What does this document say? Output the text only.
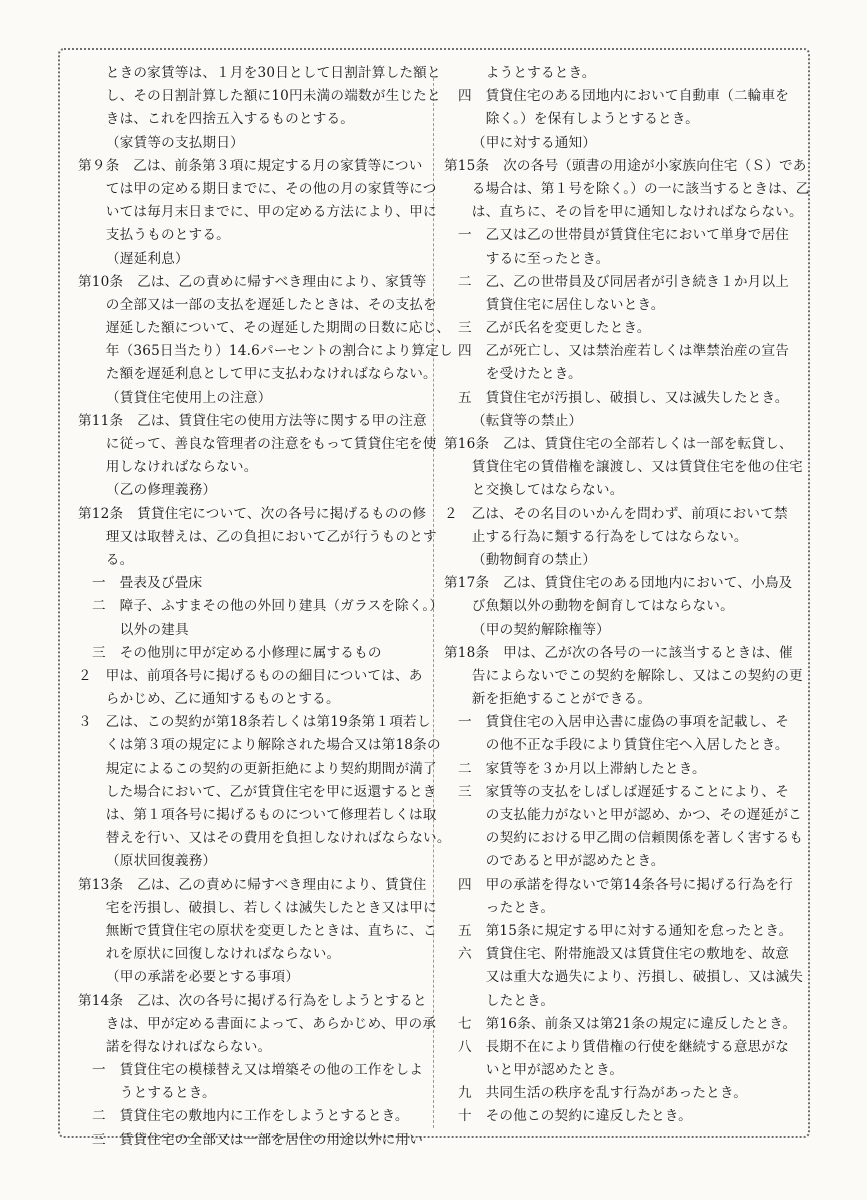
　ときの家賃等は、１月を30日として日割計算した額と
　し、その日割計算した額に10円未満の端数が生じたと
　きは、これを四捨五入するものとする。
（家賃等の支払期日）
第９条　乙は、前条第３項に規定する月の家賃等につい
　ては甲の定める期日までに、その他の月の家賃等につ
　いては毎月末日までに、甲の定める方法により、甲に
　支払うものとする。
（遅延利息）
第10条　乙は、乙の責めに帰すべき理由により、家賃等
　の全部又は一部の支払を遅延したときは、その支払を
　遅延した額について、その遅延した期間の日数に応じ、
　年（365日当たり）14.6パーセントの割合により算定し
　た額を遅延利息として甲に支払わなければならない。
（賃貸住宅使用上の注意）
第11条　乙は、賃貸住宅の使用方法等に関する甲の注意
　に従って、善良な管理者の注意をもって賃貸住宅を使
　用しなければならない。
（乙の修理義務）
第12条　賃貸住宅について、次の各号に掲げるものの修
　理又は取替えは、乙の負担において乙が行うものとす
　る。
一　畳表及び畳床
二　障子、ふすまその他の外回り建具（ガラスを除く。）
　以外の建具
三　その他別に甲が定める小修理に属するもの
２　甲は、前項各号に掲げるものの細目については、あ
　らかじめ、乙に通知するものとする。
３　乙は、この契約が第18条若しくは第19条第１項若し
　くは第３項の規定により解除された場合又は第18条の
　規定によるこの契約の更新拒絶により契約期間が満了
　した場合において、乙が賃貸住宅を甲に返還するとき
　は、第１項各号に掲げるものについて修理若しくは取
　替えを行い、又はその費用を負担しなければならない。
（原状回復義務）
第13条　乙は、乙の責めに帰すべき理由により、賃貸住
　宅を汚損し、破損し、若しくは滅失したとき又は甲に
　無断で賃貸住宅の原状を変更したときは、直ちに、こ
　れを原状に回復しなければならない。
（甲の承諾を必要とする事項）
第14条　乙は、次の各号に掲げる行為をしようとすると
　きは、甲が定める書面によって、あらかじめ、甲の承
　諾を得なければならない。
一　賃貸住宅の模様替え又は増築その他の工作をしよ
　うとするとき。
二　賃貸住宅の敷地内に工作をしようとするとき。
三　賃貸住宅の全部又は一部を居住の用途以外に用い
　ようとするとき。
四　賃貸住宅のある団地内において自動車（二輪車を
　除く。）を保有しようとするとき。
（甲に対する通知）
第15条　次の各号（頭書の用途が小家族向住宅（Ｓ）であ
　る場合は、第１号を除く。）の一に該当するときは、乙
　は、直ちに、その旨を甲に通知しなければならない。
一　乙又は乙の世帯員が賃貸住宅において単身で居住
　するに至ったとき。
二　乙、乙の世帯員及び同居者が引き続き１か月以上
　賃貸住宅に居住しないとき。
三　乙が氏名を変更したとき。
四　乙が死亡し、又は禁治産若しくは準禁治産の宣告
　を受けたとき。
五　賃貸住宅が汚損し、破損し、又は滅失したとき。
（転貸等の禁止）
第16条　乙は、賃貸住宅の全部若しくは一部を転貸し、
　賃貸住宅の賃借権を譲渡し、又は賃貸住宅を他の住宅
　と交換してはならない。
２　乙は、その名目のいかんを問わず、前項において禁
　止する行為に類する行為をしてはならない。
（動物飼育の禁止）
第17条　乙は、賃貸住宅のある団地内において、小鳥及
　び魚類以外の動物を飼育してはならない。
（甲の契約解除権等）
第18条　甲は、乙が次の各号の一に該当するときは、催
　告によらないでこの契約を解除し、又はこの契約の更
　新を拒絶することができる。
一　賃貸住宅の入居申込書に虚偽の事項を記載し、そ
　の他不正な手段により賃貸住宅へ入居したとき。
二　家賃等を３か月以上滞納したとき。
三　家賃等の支払をしばしば遅延することにより、そ
　の支払能力がないと甲が認め、かつ、その遅延がこ
　の契約における甲乙間の信頼関係を著しく害するも
　のであると甲が認めたとき。
四　甲の承諾を得ないで第14条各号に掲げる行為を行
　ったとき。
五　第15条に規定する甲に対する通知を怠ったとき。
六　賃貸住宅、附帯施設又は賃貸住宅の敷地を、故意
　又は重大な過失により、汚損し、破損し、又は滅失
　したとき。
七　第16条、前条又は第21条の規定に違反したとき。
八　長期不在により賃借権の行使を継続する意思がな
　いと甲が認めたとき。
九　共同生活の秩序を乱す行為があったとき。
十　その他この契約に違反したとき。
